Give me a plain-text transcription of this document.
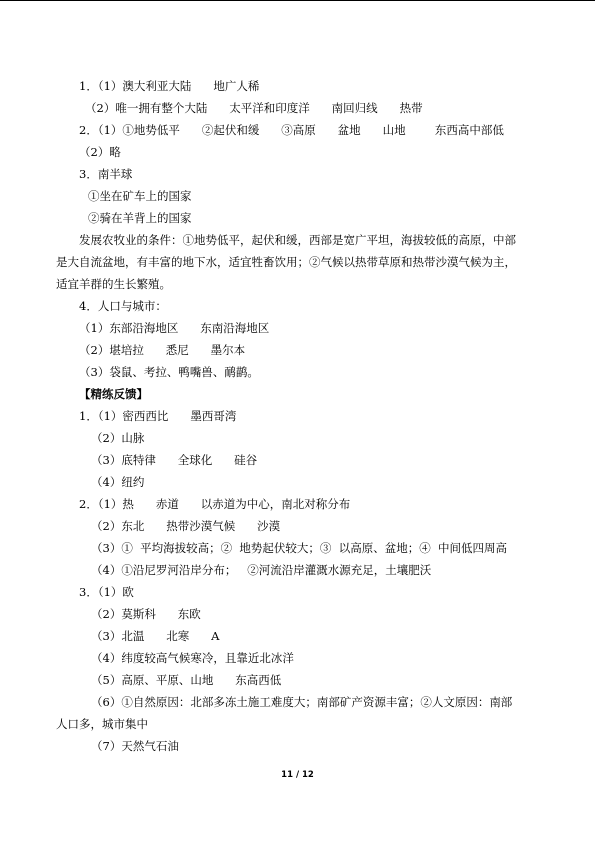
1．（1）澳大利亚大陆      地广人稀
（2）唯一拥有整个大陆      太平洋和印度洋      南回归线      热带
2．（1）①地势低平      ②起伏和缓      ③高原      盆地      山地        东西高中部低
（2）略
3．南半球
①坐在矿车上的国家
②骑在羊背上的国家
发展农牧业的条件：①地势低平，起伏和缓，西部是宽广平坦，海拔较低的高原，中部
是大自流盆地，有丰富的地下水，适宜牲畜饮用；②气候以热带草原和热带沙漠气候为主，
适宜羊群的生长繁殖。
4．人口与城市：
（1）东部沿海地区      东南沿海地区
（2）堪培拉      悉尼      墨尔本
（3）袋鼠、考拉、鸭嘴兽、鸸鹋。
【精练反馈】
1．（1）密西西比      墨西哥湾
（2）山脉
（3）底特律      全球化      硅谷
（4）纽约
2．（1）热      赤道      以赤道为中心，南北对称分布
（2）东北      热带沙漠气候      沙漠
（3）①  平均海拔较高；②  地势起伏较大；③  以高原、盆地；④  中间低四周高
（4）①沿尼罗河沿岸分布；   ②河流沿岸灌溉水源充足，土壤肥沃
3．（1）欧
（2）莫斯科      东欧
（3）北温      北寒      A
（4）纬度较高气候寒冷，且靠近北冰洋
（5）高原、平原、山地      东高西低
（6）①自然原因：北部多冻土施工难度大；南部矿产资源丰富；②人文原因：南部
人口多，城市集中
（7）天然气石油
11 / 12
